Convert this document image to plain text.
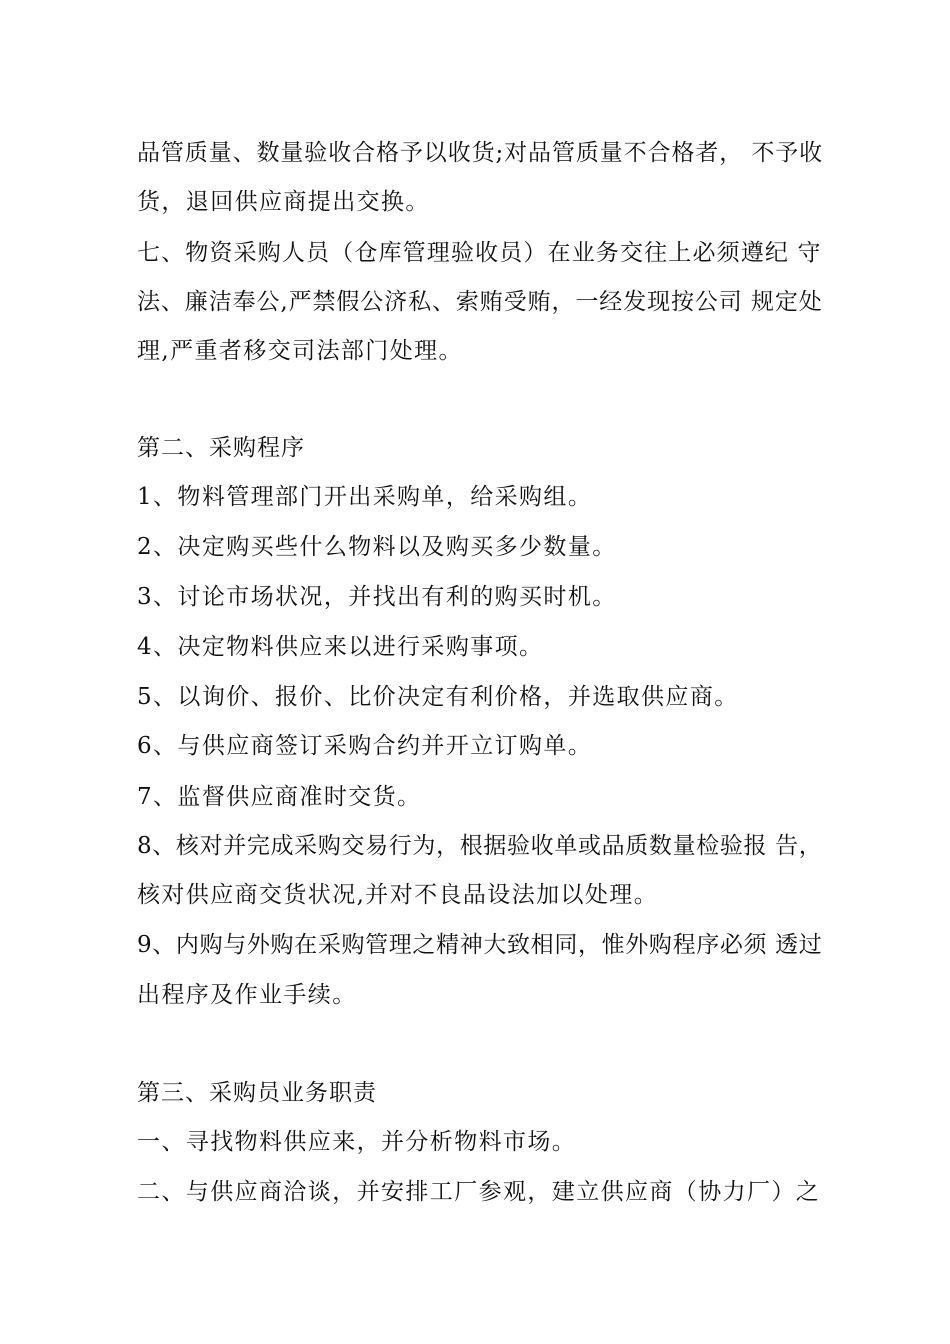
品管质量、数量验收合格予以收货;对品管质量不合格者， 不予收
货，退回供应商提出交换。
七、物资采购人员（仓库管理验收员）在业务交往上必须遵纪 守
法、廉洁奉公,严禁假公济私、索贿受贿，一经发现按公司 规定处
理,严重者移交司法部门处理。
第二、采购程序
1、物料管理部门开出采购单，给采购组。
2、决定购买些什么物料以及购买多少数量。
3、讨论市场状况，并找出有利的购买时机。
4、决定物料供应来以进行采购事项。
5、以询价、报价、比价决定有利价格，并选取供应商。
6、与供应商签订采购合约并开立订购单。
7、监督供应商准时交货。
8、核对并完成采购交易行为，根据验收单或品质数量检验报 告，
核对供应商交货状况,并对不良品设法加以处理。
9、内购与外购在采购管理之精神大致相同，惟外购程序必须 透过
出程序及作业手续。
第三、采购员业务职责
一、寻找物料供应来，并分析物料市场。
二、与供应商洽谈，并安排工厂参观，建立供应商（协力厂）之
